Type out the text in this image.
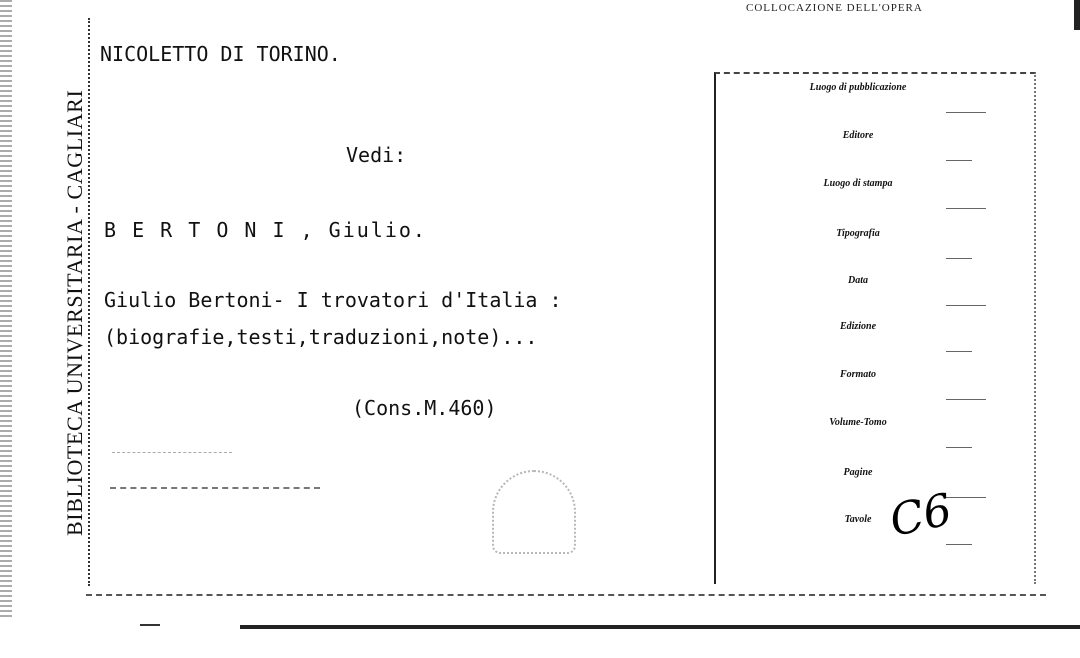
BIBLIOTECA UNIVERSITARIA - CAGLIARI
NICOLETTO DI TORINO.
Vedi:
B E R T O N I , Giulio.
Giulio Bertoni- I trovatori d'Italia :
(biografie,testi,traduzioni,note)...
(Cons.M.460)
COLLOCAZIONE DELL'OPERA
Luogo di pubblicazione
Editore
Luogo di stampa
Tipografia
Data
Edizione
Formato
Volume-Tomo
Pagine
Tavole C6
